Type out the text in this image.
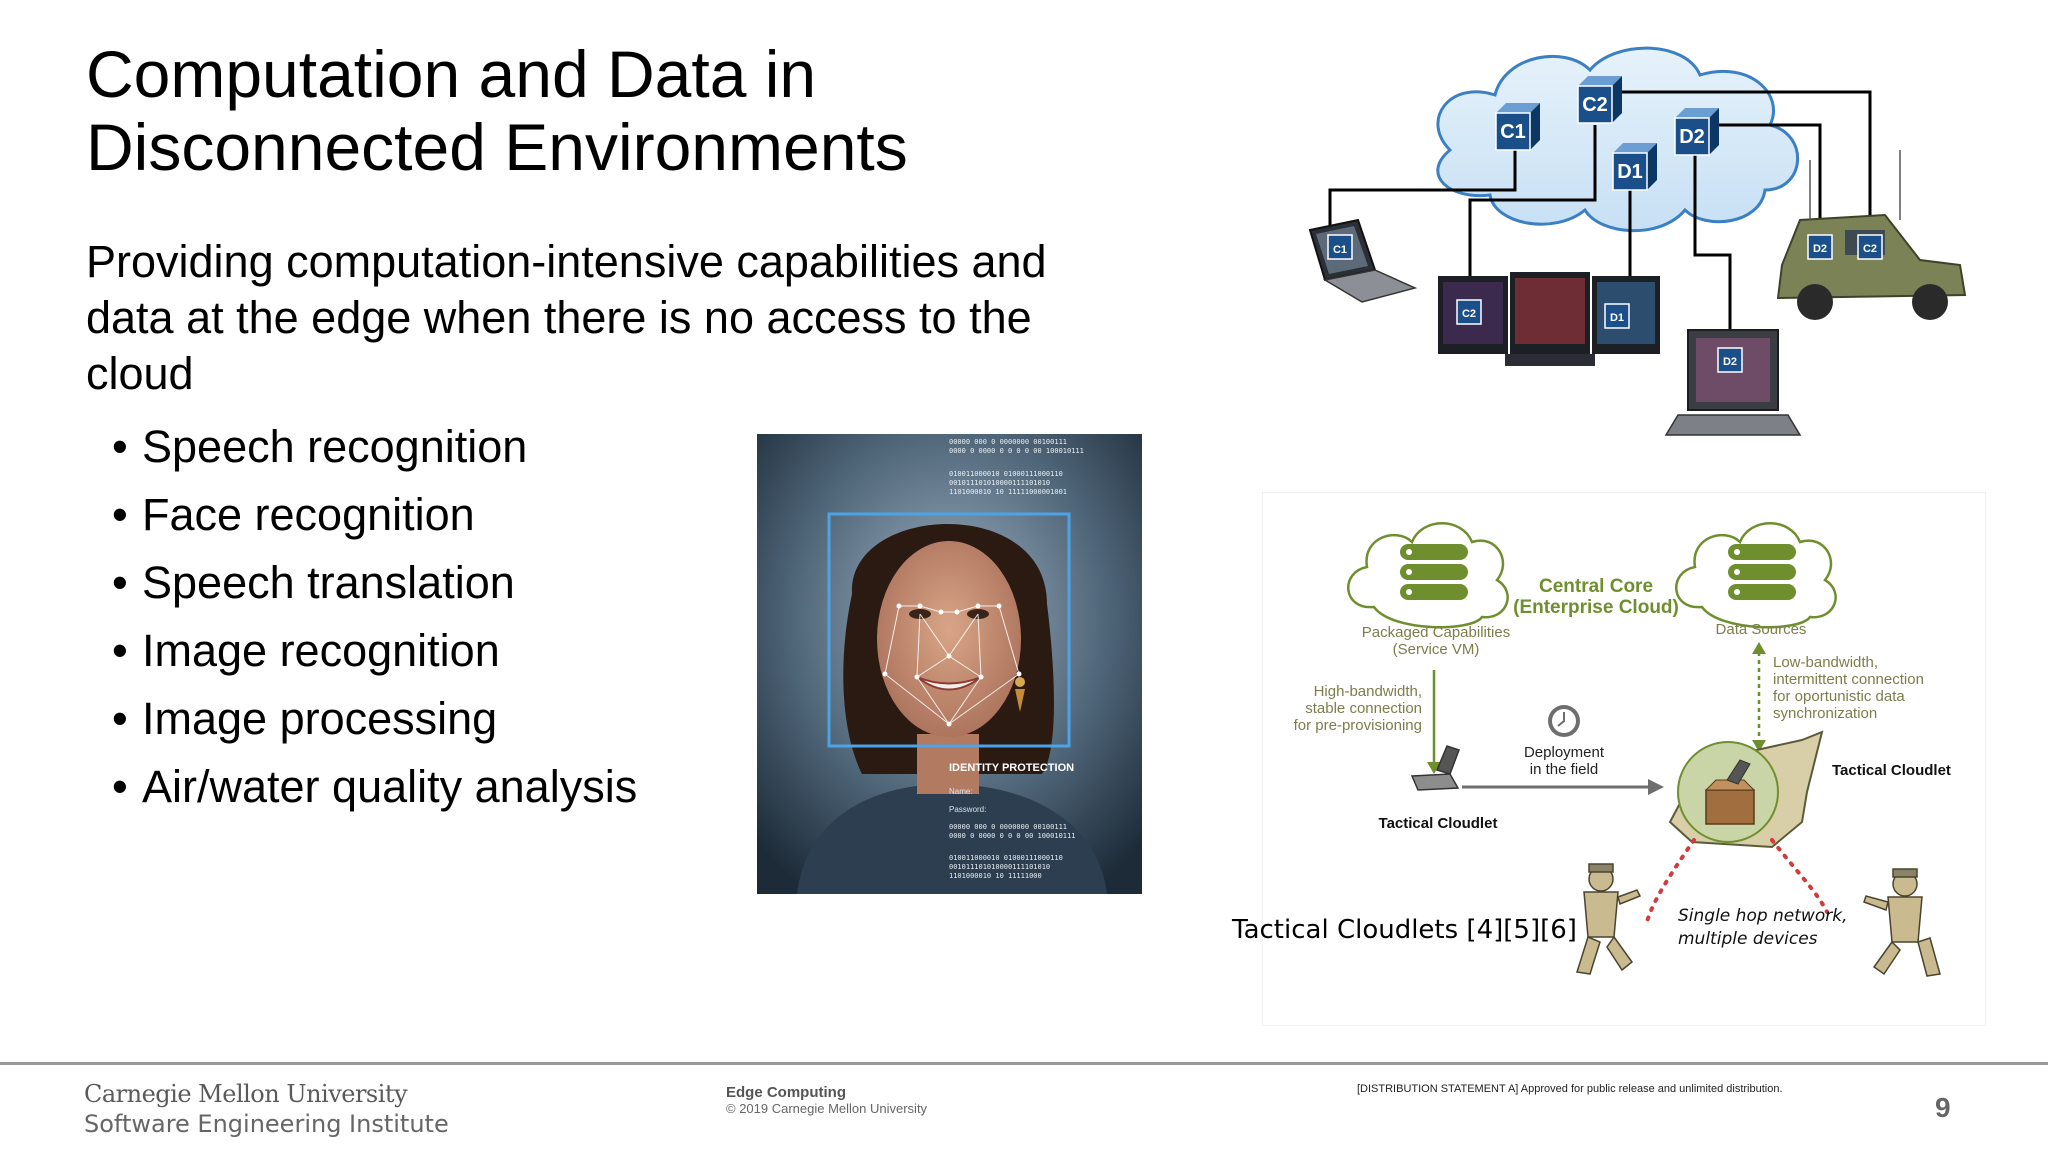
Computation and Data in
Disconnected Environments
Providing computation-intensive capabilities and data at the edge when there is no access to the cloud
• Speech recognition
• Face recognition
• Speech translation
• Image recognition
• Image processing
• Air/water quality analysis
00000 000 0 0000000 00100111
0000 0 0000 0 0 0 0 00 100010111
010011000010 01000111000110
001011101010000111101010
1101000010 10 11111000001001
IDENTITY PROTECTION
Name:
Password:
00000 000 0 0000000 00100111
0000 0 0000 0 0 0 00 100010111
010011000010 01000111000110
001011101010000111101010
1101000010 10 11111000
C1
C2
D1
D2
C1
C2	D1
D2
D2	C2
Central Core
(Enterprise Cloud)
Packaged Capabilities
(Service VM)
Data Sources
High-bandwidth,
stable connection
for pre-provisioning
Low-bandwidth,
intermittent connection
for oportunistic data
synchronization
Deployment
in the field
Tactical Cloudlet
Tactical Cloudlet
Single hop network,
multiple devices
Tactical Cloudlets [4][5][6]
Carnegie Mellon University
Software Engineering Institute
Edge Computing
© 2019 Carnegie Mellon University
[DISTRIBUTION STATEMENT A] Approved for public release and unlimited distribution.
9
